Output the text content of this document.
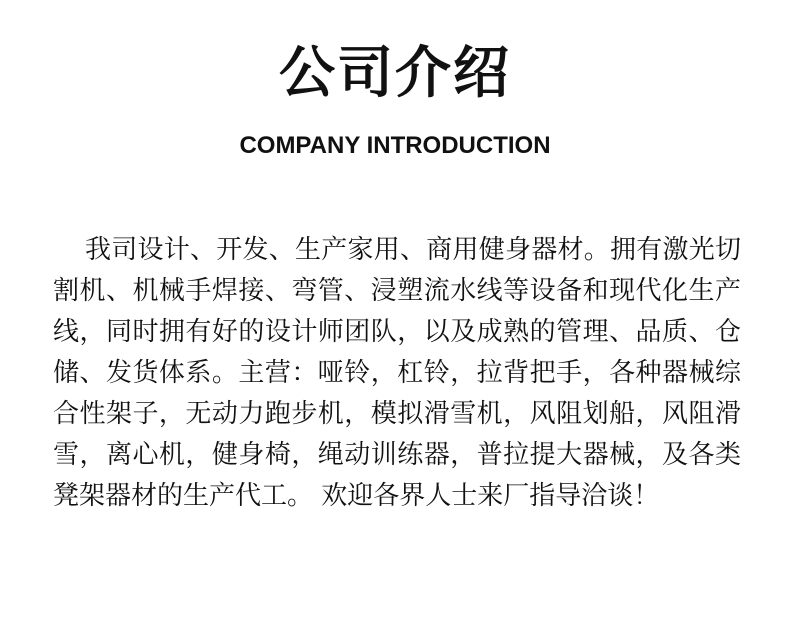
公司介绍
COMPANY INTRODUCTION

我司设计、开发、生产家用、商用健身器材。拥有激光切割机、机械手焊接、弯管、浸塑流水线等设备和现代化生产线，同时拥有好的设计师团队，以及成熟的管理、品质、仓储、发货体系。主营：哑铃，杠铃，拉背把手，各种器械综合性架子，无动力跑步机，模拟滑雪机，风阻划船，风阻滑雪，离心机，健身椅，绳动训练器，普拉提大器械，及各类凳架器材的生产代工。 欢迎各界人士来厂指导洽谈！
